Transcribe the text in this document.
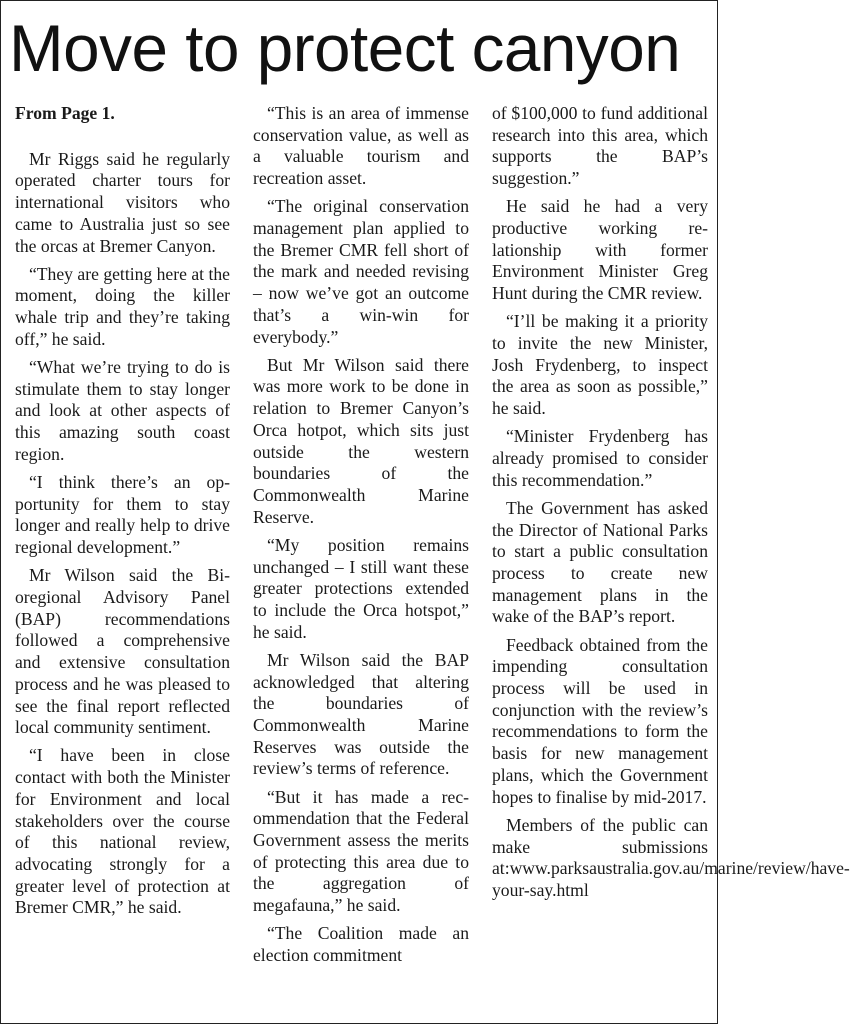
Move to protect canyon

From Page 1.

Mr Riggs said he regularly operated charter tours for international visitors who came to Australia just so see the orcas at Bremer Canyon.

“They are getting here at the moment, doing the killer whale trip and they’re taking off,” he said.

“What we’re trying to do is stimulate them to stay longer and look at other aspects of this amazing south coast region.

“I think there’s an opportunity for them to stay longer and really help to drive regional development.”

Mr Wilson said the Bioregional Advisory Panel (BAP) recommendations followed a comprehensive and extensive consultation process and he was pleased to see the final report reflected local community sentiment.

“I have been in close contact with both the Minister for Environment and local stakeholders over the course of this national review, advocating strongly for a greater level of protection at Bremer CMR,” he said.

“This is an area of immense conservation value, as well as a valuable tourism and recreation asset.

“The original conservation management plan applied to the Bremer CMR fell short of the mark and needed revising – now we’ve got an outcome that’s a win-win for everybody.”

But Mr Wilson said there was more work to be done in relation to Bremer Canyon’s Orca hotpot, which sits just outside the western boundaries of the Commonwealth Marine Reserve.

“My position remains unchanged – I still want these greater protections extended to include the Orca hotspot,” he said.

Mr Wilson said the BAP acknowledged that altering the boundaries of Commonwealth Marine Reserves was outside the review’s terms of reference.

“But it has made a recommendation that the Federal Government assess the merits of protecting this area due to the aggregation of megafauna,” he said.

“The Coalition made an election commitment

of $100,000 to fund additional research into this area, which supports the BAP’s suggestion.”

He said he had a very productive working relationship with former Environment Minister Greg Hunt during the CMR review.

“I’ll be making it a priority to invite the new Minister, Josh Frydenberg, to inspect the area as soon as possible,” he said.

“Minister Frydenberg has already promised to consider this recommendation.”

The Government has asked the Director of National Parks to start a public consultation process to create new management plans in the wake of the BAP’s report.

Feedback obtained from the impending consultation process will be used in conjunction with the review’s recommendations to form the basis for new management plans, which the Government hopes to finalise by mid-2017.

Members of the public can make submissions at:www.parksaustralia.gov.au/marine/review/have-your-say.html
